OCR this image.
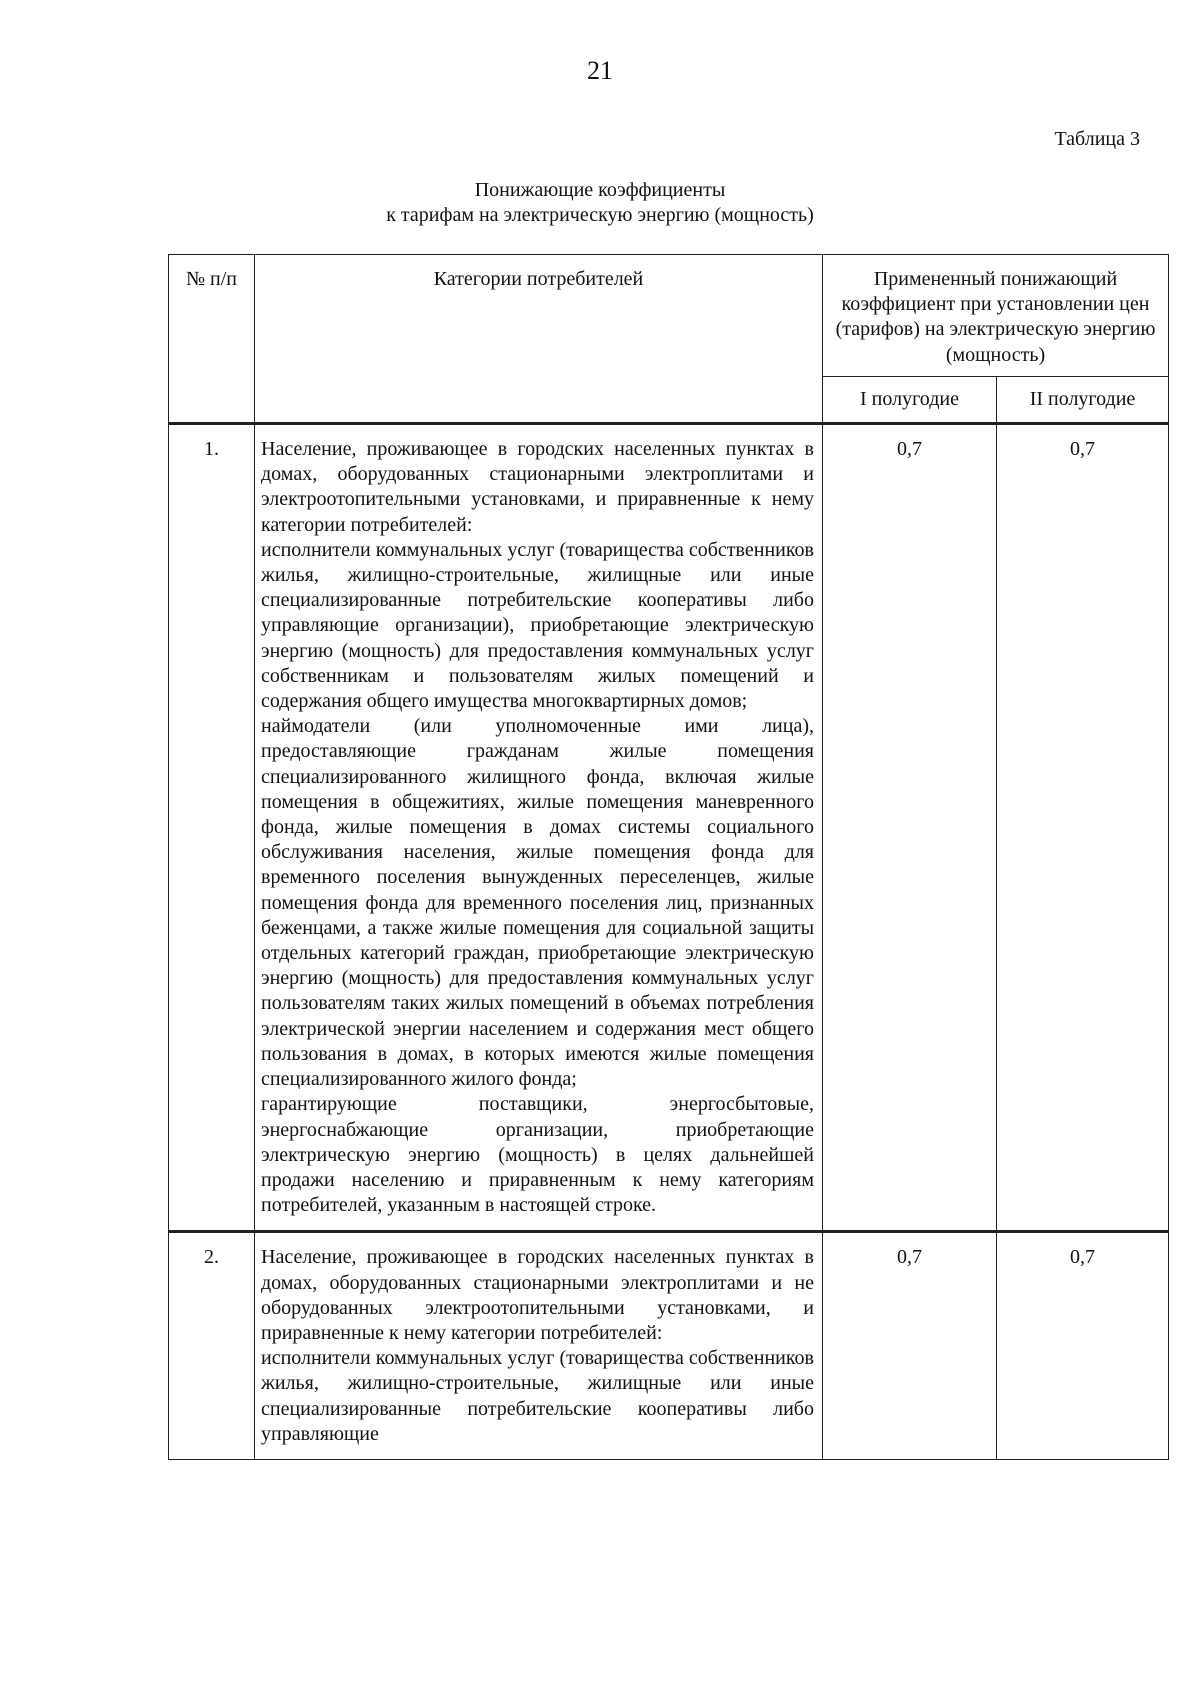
21
Таблица 3
Понижающие коэффициенты
к тарифам на электрическую энергию (мощность)
№ п/п	Категории потребителей	Примененный понижающий коэффициент при установлении цен (тарифов) на электрическую энергию (мощность)	
		I полугодие	II полугодие
1.	Население, проживающее в городских населенных пунктах в домах, оборудованных стационарными электроплитами и электроотопительными установками, и приравненные к нему категории потребителей:
исполнители коммунальных услуг (товарищества собственников жилья, жилищно-строительные, жилищные или иные специализированные потребительские кооперативы либо управляющие организации), приобретающие электрическую энергию (мощность) для предоставления коммунальных услуг собственникам и пользователям жилых помещений и содержания общего имущества многоквартирных домов;
наймодатели (или уполномоченные ими лица), предоставляющие гражданам жилые помещения специализированного жилищного фонда, включая жилые помещения в общежитиях, жилые помещения маневренного фонда, жилые помещения в домах системы социального обслуживания населения, жилые помещения фонда для временного поселения вынужденных переселенцев, жилые помещения фонда для временного поселения лиц, признанных беженцами, а также жилые помещения для социальной защиты отдельных категорий граждан, приобретающие электрическую энергию (мощность) для предоставления коммунальных услуг пользователям таких жилых помещений в объемах потребления электрической энергии населением и содержания мест общего пользования в домах, в которых имеются жилые помещения специализированного жилого фонда;
гарантирующие поставщики, энергосбытовые, энергоснабжающие организации, приобретающие электрическую энергию (мощность) в целях дальнейшей продажи населению и приравненным к нему категориям потребителей, указанным в настоящей строке.	0,7	0,7
2.	Население, проживающее в городских населенных пунктах в домах, оборудованных стационарными электроплитами и не оборудованных электроотопительными установками, и приравненные к нему категории потребителей:
исполнители коммунальных услуг (товарищества собственников жилья, жилищно-строительные, жилищные или иные специализированные потребительские кооперативы либо управляющие	0,7	0,7
